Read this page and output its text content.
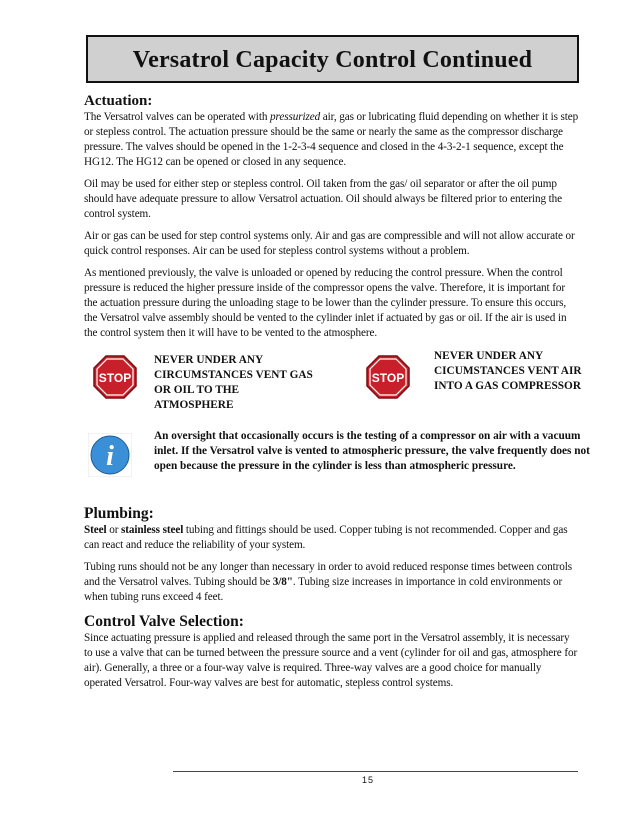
Versatrol Capacity Control Continued
Actuation:

The Versatrol valves can be operated with pressurized air, gas or lubricating fluid depending on whether it is step or stepless control. The actuation pressure should be the same or nearly the same as the compressor discharge pressure. The valves should be opened in the 1-2-3-4 sequence and closed in the 4-3-2-1 sequence, except the HG12. The HG12 can be opened or closed in any sequence.

Oil may be used for either step or stepless control. Oil taken from the gas/ oil separator or after the oil pump should have adequate pressure to allow Versatrol actuation. Oil should always be filtered prior to entering the control system.

Air or gas can be used for step control systems only. Air and gas are compressible and will not allow accurate or quick control responses. Air can be used for stepless control systems without a problem.

As mentioned previously, the valve is unloaded or opened by reducing the control pressure. When the control pressure is reduced the higher pressure inside of the compressor opens the valve. Therefore, it is important for the actuation pressure during the unloading stage to be lower than the cylinder pressure. To ensure this occurs, the Versatrol valve assembly should be vented to the cylinder inlet if actuated by gas or oil. If the air is used in the control system then it will have to be vented to the atmosphere.

STOP
NEVER UNDER ANY CIRCUMSTANCES VENT GAS OR OIL TO THE ATMOSPHERE
STOP
NEVER UNDER ANY CICUMSTANCES VENT AIR INTO A GAS COMPRESSOR
i
An oversight that occasionally occurs is the testing of a compressor on air with a vacuum inlet. If the Versatrol valve is vented to atmospheric pressure, the valve frequently does not open because the pressure in the cylinder is less than atmospheric pressure.
Plumbing:

Steel or stainless steel tubing and fittings should be used. Copper tubing is not recommended. Copper and gas can react and reduce the reliability of your system.

Tubing runs should not be any longer than necessary in order to avoid reduced response times between controls and the Versatrol valves. Tubing should be 3/8". Tubing size increases in importance in cold environments or when tubing runs exceed 4 feet.

Control Valve Selection:

Since actuating pressure is applied and released through the same port in the Versatrol assembly, it is necessary to use a valve that can be turned between the pressure source and a vent (cylinder for oil and gas, atmosphere for air). Generally, a three or a four-way valve is required. Three-way valves are a good choice for manually operated Versatrol. Four-way valves are best for automatic, stepless control systems.

15
